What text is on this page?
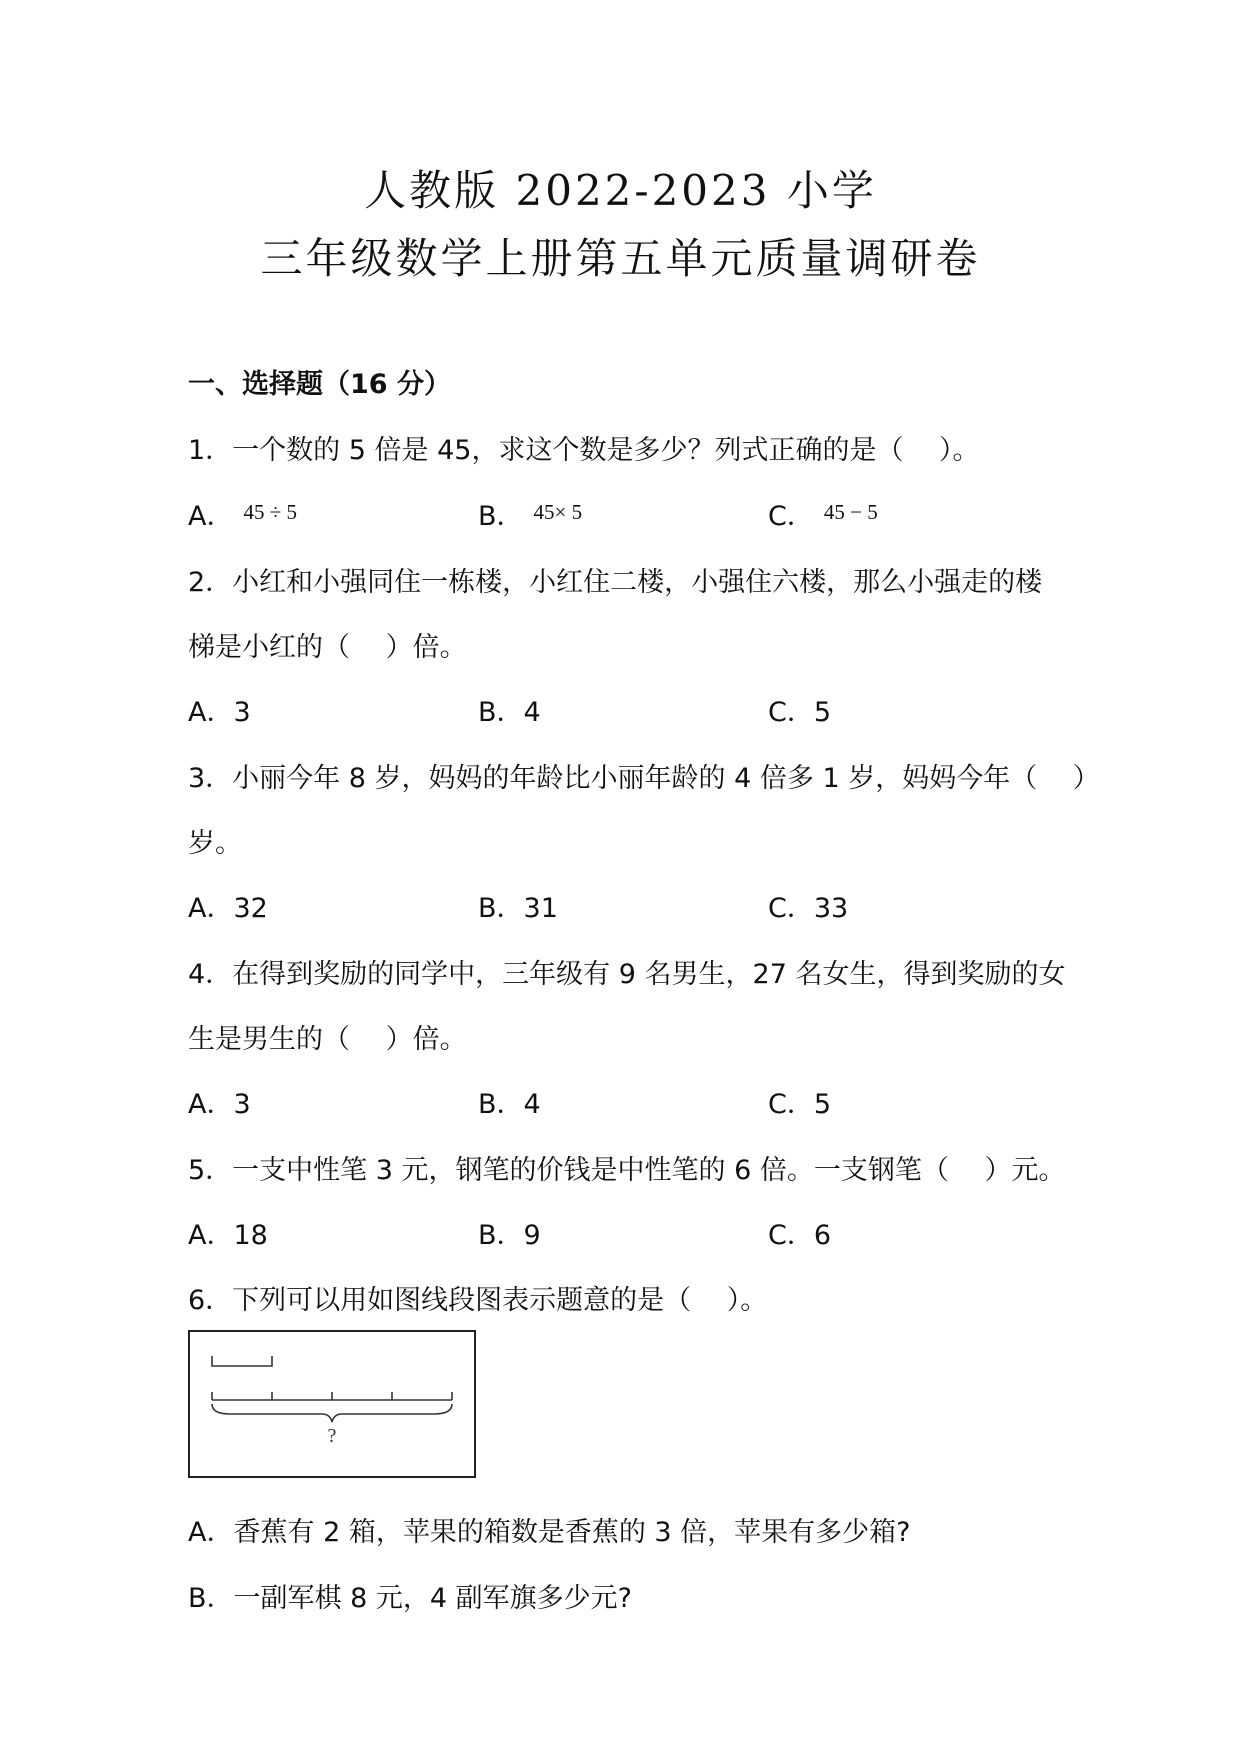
人教版 2022-2023 小学
三年级数学上册第五单元质量调研卷
一、选择题（16 分）
1．一个数的 5 倍是 45，求这个数是多少？列式正确的是（　 ）。
A． $^{45 \div 5}$	B． $^{45\times 5}$	C． $^{45 - 5}$
2．小红和小强同住一栋楼，小红住二楼，小强住六楼，那么小强走的楼
梯是小红的（　 ）倍。
A．3	B．4	C．5
3．小丽今年 8 岁，妈妈的年龄比小丽年龄的 4 倍多 1 岁，妈妈今年（　 ）
岁。
A．32	B．31	C．33
4．在得到奖励的同学中，三年级有 9 名男生，27 名女生，得到奖励的女
生是男生的（　 ）倍。
A．3	B．4	C．5
5．一支中性笔 3 元，钢笔的价钱是中性笔的 6 倍。一支钢笔（　 ）元。
A．18	B．9	C．6
6．下列可以用如图线段图表示题意的是（　 ）。
?
A．香蕉有 2 箱，苹果的箱数是香蕉的 3 倍，苹果有多少箱?
B．一副军棋 8 元，4 副军旗多少元?
